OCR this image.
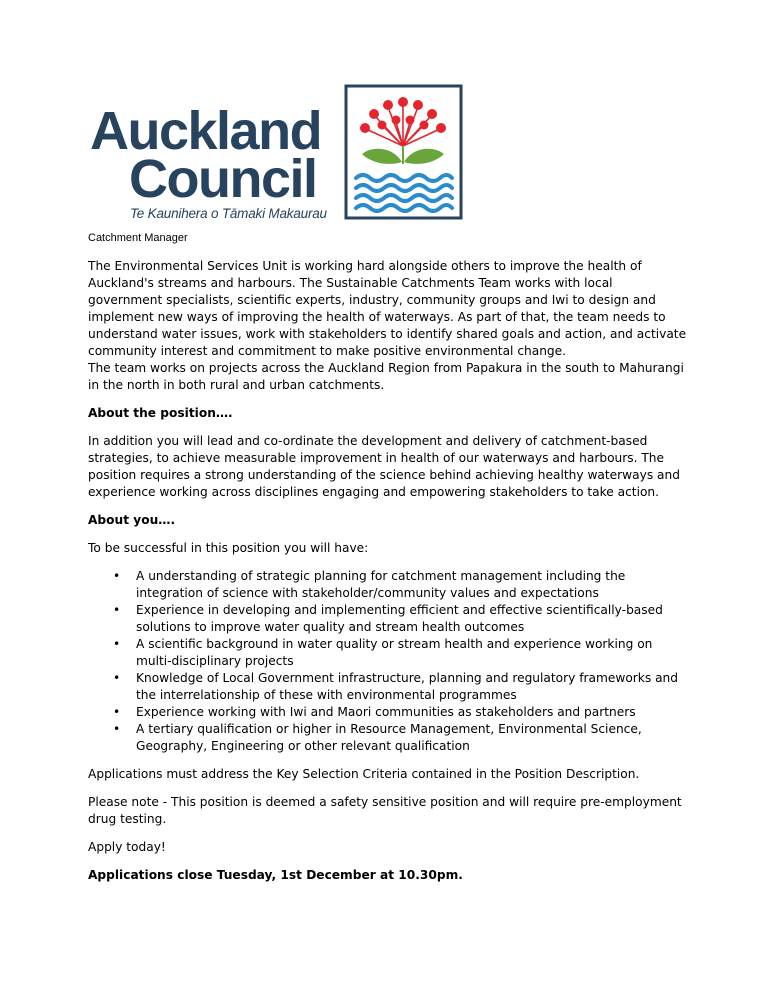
Auckland
Council
Te Kaunihera o Tāmaki Makaurau
Catchment Manager

The Environmental Services Unit is working hard alongside others to improve the health of Auckland's streams and harbours. The Sustainable Catchments Team works with local government specialists, scientific experts, industry, community groups and Iwi to design and implement new ways of improving the health of waterways. As part of that, the team needs to understand water issues, work with stakeholders to identify shared goals and action, and activate community interest and commitment to make positive environmental change.

The team works on projects across the Auckland Region from Papakura in the south to Mahurangi in the north in both rural and urban catchments.

About the position….

In addition you will lead and co-ordinate the development and delivery of catchment-based strategies, to achieve measurable improvement in health of our waterways and harbours. The position requires a strong understanding of the science behind achieving healthy waterways and experience working across disciplines engaging and empowering stakeholders to take action.

About you….

To be successful in this position you will have:

• A understanding of strategic planning for catchment management including the integration of science with stakeholder/community values and expectations
• Experience in developing and implementing efficient and effective scientifically-based solutions to improve water quality and stream health outcomes
• A scientific background in water quality or stream health and experience working on multi-disciplinary projects
• Knowledge of Local Government infrastructure, planning and regulatory frameworks and the interrelationship of these with environmental programmes
• Experience working with Iwi and Maori communities as stakeholders and partners
• A tertiary qualification or higher in Resource Management, Environmental Science, Geography, Engineering or other relevant qualification

Applications must address the Key Selection Criteria contained in the Position Description.

Please note - This position is deemed a safety sensitive position and will require pre-employment drug testing.

Apply today!

Applications close Tuesday, 1st December at 10.30pm.
